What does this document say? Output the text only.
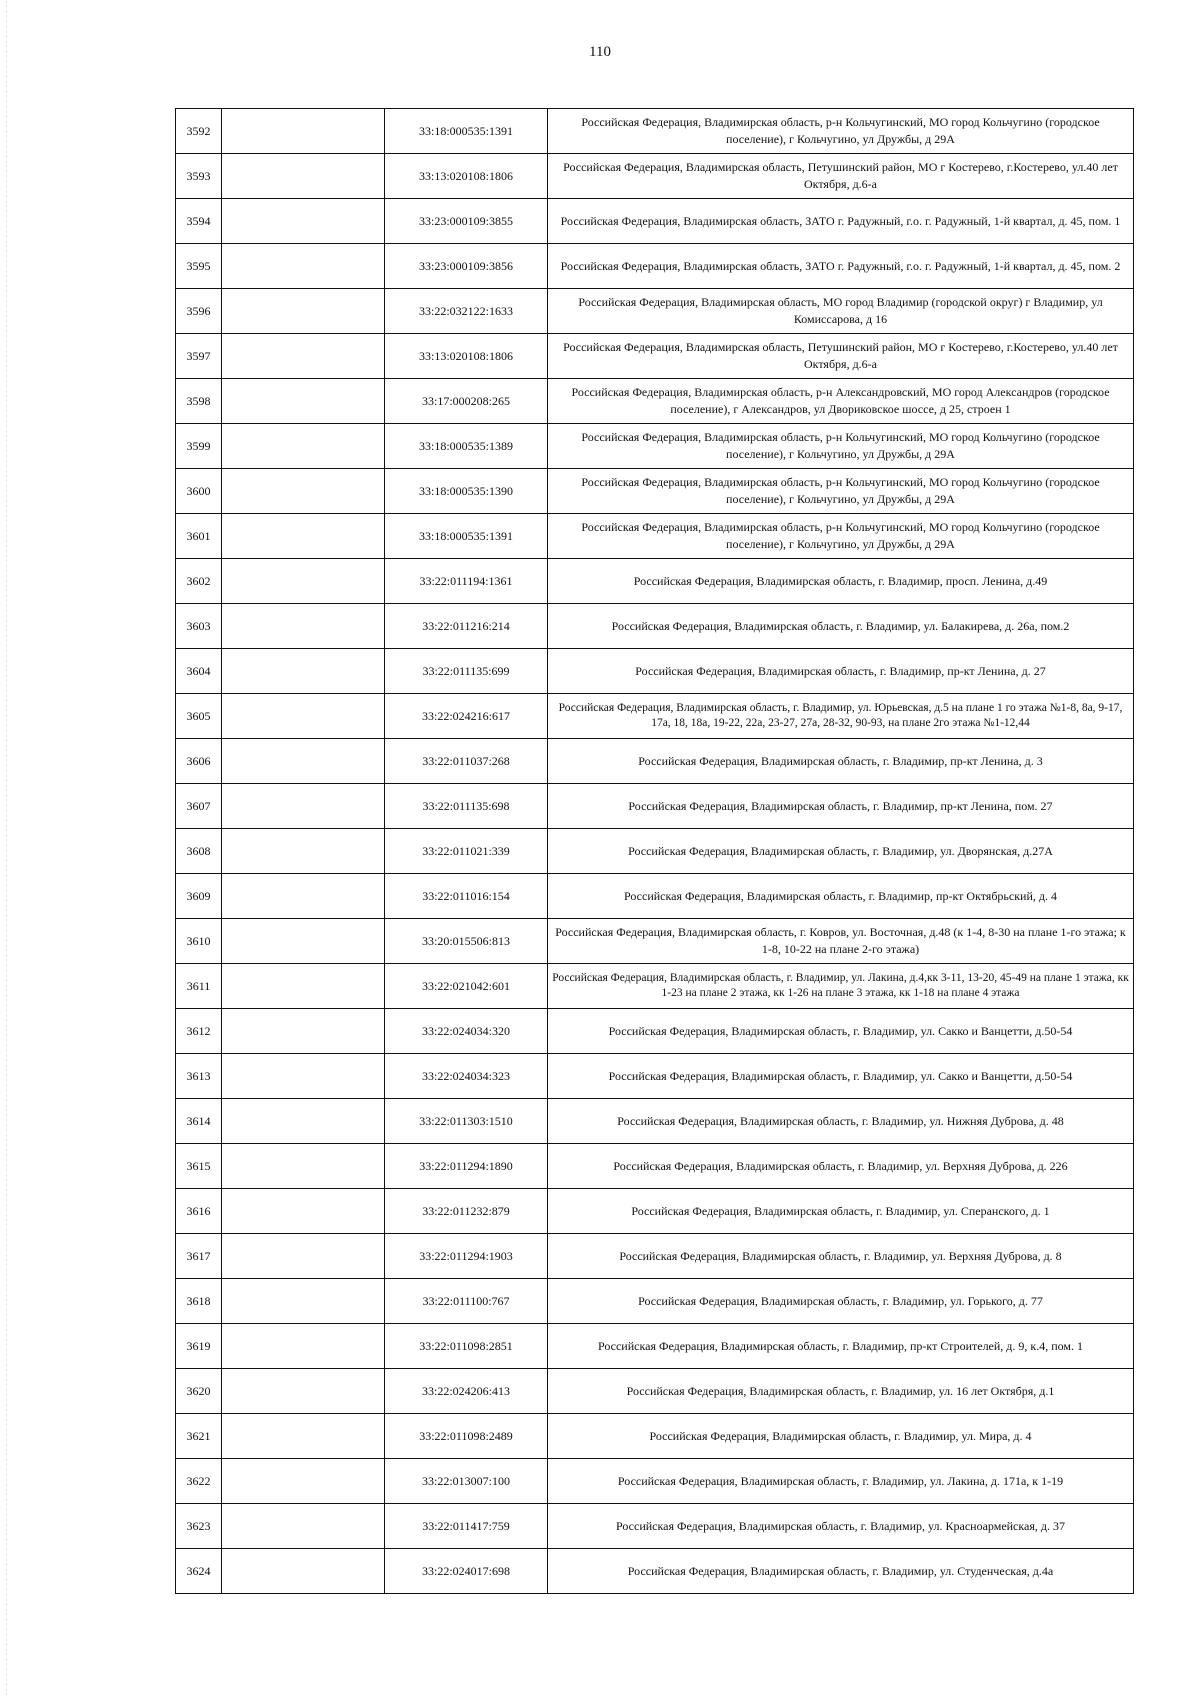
110
3592		33:18:000535:1391	Российская Федерация, Владимирская область, р-н Кольчугинский, МО город Кольчугино (городское поселение), г Кольчугино, ул Дружбы, д 29А
3593		33:13:020108:1806	Российская Федерация, Владимирская область, Петушинский район, МО г Костерево, г.Костерево, ул.40 лет Октября, д.6-а
3594		33:23:000109:3855	Российская Федерация, Владимирская область, ЗАТО г. Радужный, г.о. г. Радужный, 1-й квартал, д. 45, пом. 1
3595		33:23:000109:3856	Российская Федерация, Владимирская область, ЗАТО г. Радужный, г.о. г. Радужный, 1-й квартал, д. 45, пом. 2
3596		33:22:032122:1633	Российская Федерация, Владимирская область, МО город Владимир (городской округ) г Владимир, ул Комиссарова, д 16
3597		33:13:020108:1806	Российская Федерация, Владимирская область, Петушинский район, МО г Костерево, г.Костерево, ул.40 лет Октября, д.6-а
3598		33:17:000208:265	Российская Федерация, Владимирская область, р-н Александровский, МО город Александров (городское поселение), г Александров, ул Двориковское шоссе, д 25, строен 1
3599		33:18:000535:1389	Российская Федерация, Владимирская область, р-н Кольчугинский, МО город Кольчугино (городское поселение), г Кольчугино, ул Дружбы, д 29А
3600		33:18:000535:1390	Российская Федерация, Владимирская область, р-н Кольчугинский, МО город Кольчугино (городское поселение), г Кольчугино, ул Дружбы, д 29А
3601		33:18:000535:1391	Российская Федерация, Владимирская область, р-н Кольчугинский, МО город Кольчугино (городское поселение), г Кольчугино, ул Дружбы, д 29А
3602		33:22:011194:1361	Российская Федерация, Владимирская область, г. Владимир, просп. Ленина, д.49
3603		33:22:011216:214	Российская Федерация, Владимирская область, г. Владимир, ул. Балакирева, д. 26а, пом.2
3604		33:22:011135:699	Российская Федерация, Владимирская область, г. Владимир, пр-кт Ленина, д. 27
3605		33:22:024216:617	Российская Федерация, Владимирская область, г. Владимир, ул. Юрьевская, д.5 на плане 1 го этажа №1-8, 8а, 9-17, 17а, 18, 18а, 19-22, 22а, 23-27, 27а, 28-32, 90-93, на плане 2го этажа №1-12,44
3606		33:22:011037:268	Российская Федерация, Владимирская область, г. Владимир, пр-кт Ленина, д. 3
3607		33:22:011135:698	Российская Федерация, Владимирская область, г. Владимир, пр-кт Ленина, пом. 27
3608		33:22:011021:339	Российская Федерация, Владимирская область, г. Владимир, ул. Дворянская, д.27А
3609		33:22:011016:154	Российская Федерация, Владимирская область, г. Владимир, пр-кт Октябрьский, д. 4
3610		33:20:015506:813	Российская Федерация, Владимирская область, г. Ковров, ул. Восточная, д.48 (к 1-4, 8-30 на плане 1-го этажа; к 1-8, 10-22 на плане 2-го этажа)
3611		33:22:021042:601	Российская Федерация, Владимирская область, г. Владимир, ул. Лакина, д.4,кк 3-11, 13-20, 45-49 на плане 1 этажа, кк 1-23 на плане 2 этажа, кк 1-26 на плане 3 этажа, кк 1-18 на плане 4 этажа
3612		33:22:024034:320	Российская Федерация, Владимирская область, г. Владимир, ул. Сакко и Ванцетти, д.50-54
3613		33:22:024034:323	Российская Федерация, Владимирская область, г. Владимир, ул. Сакко и Ванцетти, д.50-54
3614		33:22:011303:1510	Российская Федерация, Владимирская область, г. Владимир, ул. Нижняя Дуброва, д. 48
3615		33:22:011294:1890	Российская Федерация, Владимирская область, г. Владимир, ул. Верхняя Дуброва, д. 226
3616		33:22:011232:879	Российская Федерация, Владимирская область, г. Владимир, ул. Сперанского, д. 1
3617		33:22:011294:1903	Российская Федерация, Владимирская область, г. Владимир, ул. Верхняя Дуброва, д. 8
3618		33:22:011100:767	Российская Федерация, Владимирская область, г. Владимир, ул. Горького, д. 77
3619		33:22:011098:2851	Российская Федерация, Владимирская область, г. Владимир, пр-кт Строителей, д. 9, к.4, пом. 1
3620		33:22:024206:413	Российская Федерация, Владимирская область, г. Владимир, ул. 16 лет Октября, д.1
3621		33:22:011098:2489	Российская Федерация, Владимирская область, г. Владимир, ул. Мира, д. 4
3622		33:22:013007:100	Российская Федерация, Владимирская область, г. Владимир, ул. Лакина, д. 171а, к 1-19
3623		33:22:011417:759	Российская Федерация, Владимирская область, г. Владимир, ул. Красноармейская, д. 37
3624		33:22:024017:698	Российская Федерация, Владимирская область, г. Владимир, ул. Студенческая, д.4а
